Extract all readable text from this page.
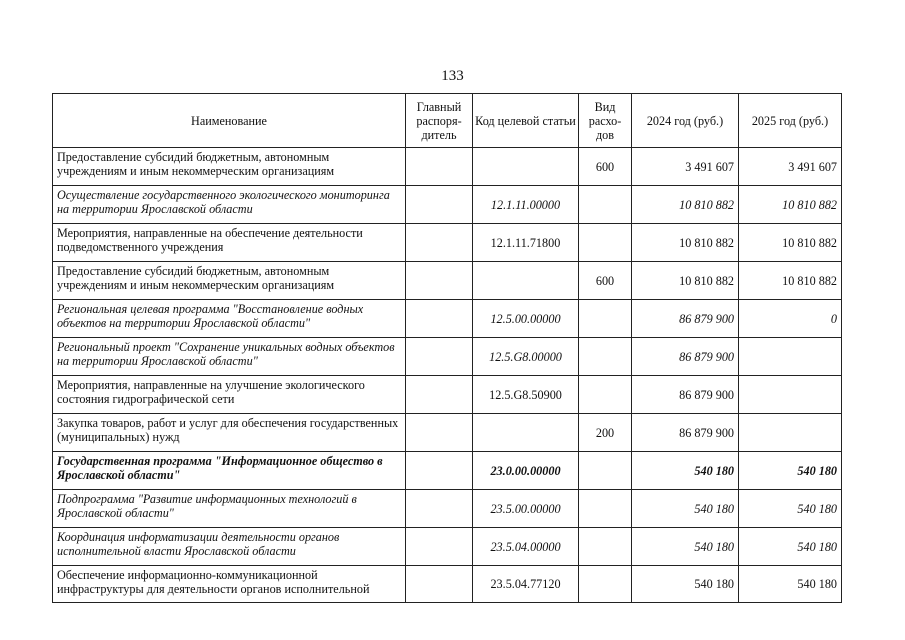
133
Наименование	Главный распоря-дитель	Код целевой статьи	Вид расхо-дов	2024 год (руб.)	2025 год (руб.)
Предоставление субсидий бюджетным, автономным учреждениям и иным некоммерческим организациям			600	3 491 607	3 491 607
Осуществление государственного экологического мониторинга на территории Ярославской области		12.1.11.00000		10 810 882	10 810 882
Мероприятия, направленные на обеспечение деятельности подведомственного учреждения		12.1.11.71800		10 810 882	10 810 882
Предоставление субсидий бюджетным, автономным учреждениям и иным некоммерческим организациям			600	10 810 882	10 810 882
Региональная целевая программа "Восстановление водных объектов на территории Ярославской области"		12.5.00.00000		86 879 900	0
Региональный проект "Сохранение уникальных водных объектов на территории Ярославской области"		12.5.G8.00000		86 879 900	
Мероприятия, направленные на улучшение экологического состояния гидрографической сети		12.5.G8.50900		86 879 900	
Закупка товаров, работ и услуг для обеспечения государственных (муниципальных) нужд			200	86 879 900	
Государственная программа "Информационное общество в Ярославской области"		23.0.00.00000		540 180	540 180
Подпрограмма "Развитие информационных технологий в Ярославской области"		23.5.00.00000		540 180	540 180
Координация информатизации деятельности органов исполнительной власти Ярославской области		23.5.04.00000		540 180	540 180
Обеспечение информационно-коммуникационной инфраструктуры для деятельности органов исполнительной		23.5.04.77120		540 180	540 180
